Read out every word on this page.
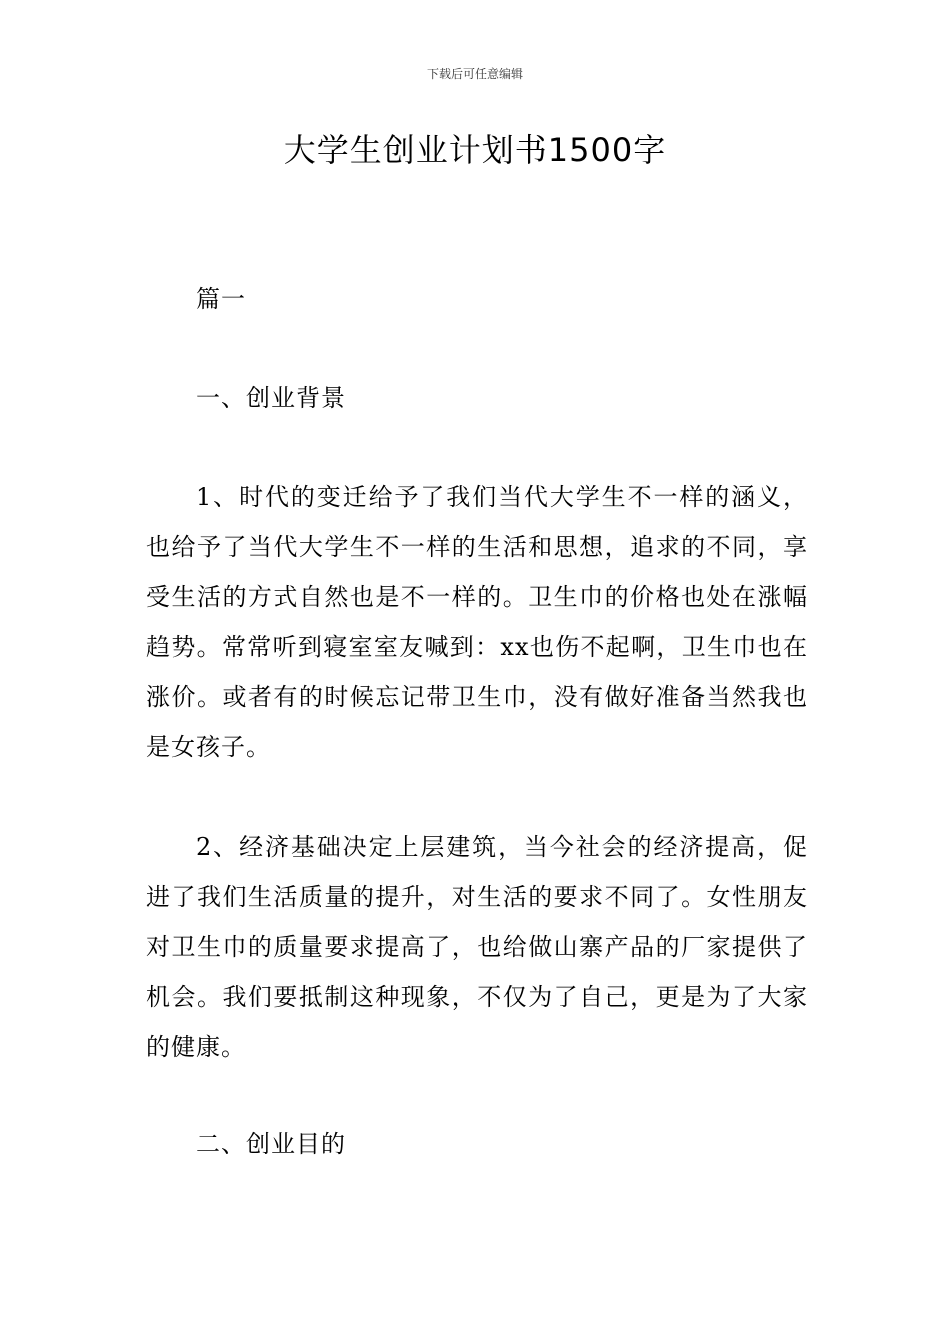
下载后可任意编辑
大学生创业计划书1500字
篇一
一、创业背景
1、时代的变迁给予了我们当代大学生不一样的涵义，也给予了当代大学生不一样的生活和思想，追求的不同，享受生活的方式自然也是不一样的。卫生巾的价格也处在涨幅趋势。常常听到寝室室友喊到：xx也伤不起啊，卫生巾也在涨价。或者有的时候忘记带卫生巾，没有做好准备当然我也是女孩子。
2、经济基础决定上层建筑，当今社会的经济提高，促进了我们生活质量的提升，对生活的要求不同了。女性朋友对卫生巾的质量要求提高了，也给做山寨产品的厂家提供了机会。我们要抵制这种现象，不仅为了自己，更是为了大家的健康。
二、创业目的
